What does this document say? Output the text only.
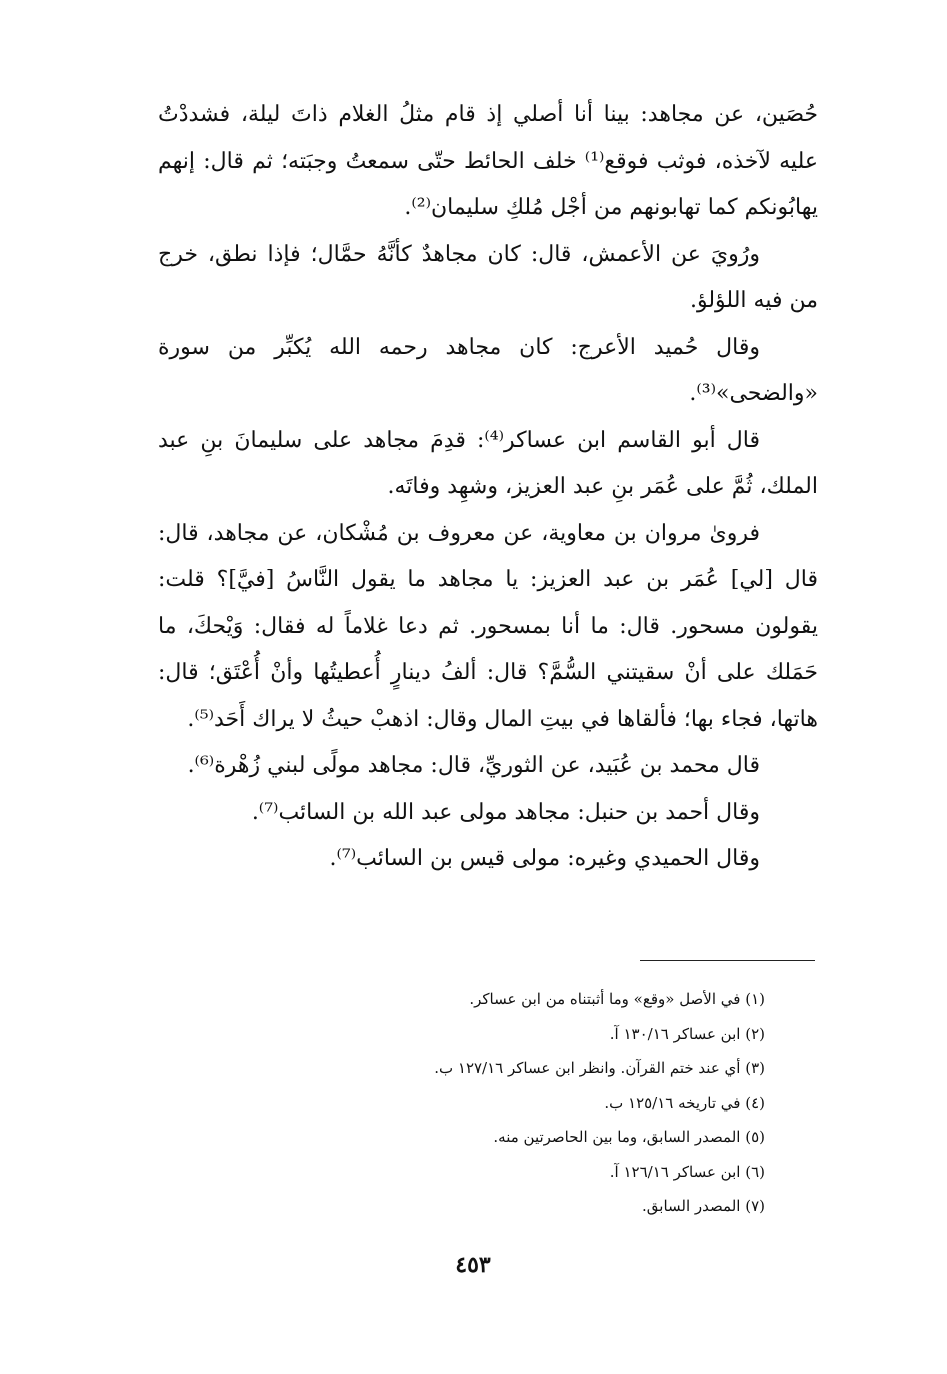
حُصَين، عن مجاهد: بينا أنا أصلي إذ قام مثلُ الغلام ذاتَ ليلة، فشددْتُ عليه لآخذه، فوثب فوقع⁽¹⁾ خلف الحائط حتّى سمعتُ وجبَته؛ ثم قال: إنهم يهابُونكم كما تهابونهم من أجْل مُلكِ سليمان⁽²⁾.

ورُويَ عن الأعمش، قال: كان مجاهدٌ كأنَّهُ حمَّال؛ فإذا نطق، خرج من فيه اللؤلؤ.

وقال حُميد الأعرج: كان مجاهد رحمه الله يُكبِّر من سورة «والضحى»⁽³⁾.

قال أبو القاسم ابن عساكر⁽⁴⁾: قدِمَ مجاهد على سليمانَ بنِ عبد الملك، ثُمَّ على عُمَر بنِ عبد العزيز، وشهِد وفاتَه.

فروىٰ مروان بن معاوية، عن معروف بن مُشْكان، عن مجاهد، قال: قال [لي] عُمَر بن عبد العزيز: يا مجاهد ما يقول النَّاسُ [فيَّ]؟ قلت: يقولون مسحور. قال: ما أنا بمسحور. ثم دعا غلاماً له فقال: وَيْحكَ، ما حَمَلك على أنْ سقيتني السُّمَّ؟ قال: ألفُ دينارٍ أُعطيتُها وأنْ أُعْتَق؛ قال: هاتها، فجاء بها؛ فألقاها في بيتِ المال وقال: اذهبْ حيثُ لا يراك أَحَد⁽⁵⁾.

قال محمد بن عُبَيد، عن الثوريِّ، قال: مجاهد مولًى لبني زُهْرة⁽⁶⁾.

وقال أحمد بن حنبل: مجاهد مولى عبد الله بن السائب⁽⁷⁾.

وقال الحميدي وغيره: مولى قيس بن السائب⁽⁷⁾.

(١) في الأصل «وقع» وما أثبتناه من ابن عساكر.

(٢) ابن عساكر ١٣٠/١٦ آ.

(٣) أي عند ختم القرآن. وانظر ابن عساكر ١٢٧/١٦ ب.

(٤) في تاريخه ١٢٥/١٦ ب.

(٥) المصدر السابق، وما بين الحاصرتين منه.

(٦) ابن عساكر ١٢٦/١٦ آ.

(٧) المصدر السابق.

٤٥٣
